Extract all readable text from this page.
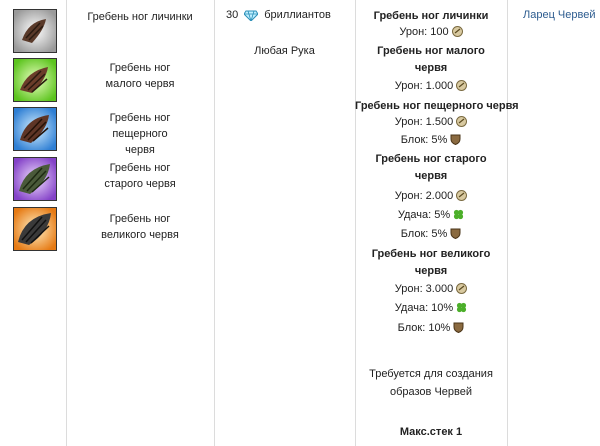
Гребень ног личинки
Гребень ног малого червя
Гребень ног пещерного червя
Гребень ног старого червя
Гребень ног великого червя
30 бриллиантов
Любая Рука
Гребень ног личинки
Урон: 100
Гребень ног малого червя
Урон: 1.000
Гребень ног пещерного червя
Урон: 1.500
Блок: 5%
Гребень ног старого червя
Урон: 2.000
Удача: 5%
Блок: 5%
Гребень ног великого червя
Урон: 3.000
Удача: 10%
Блок: 10%
Требуется для создания образов Червей
Макс.стек 1
Ларец Червей
